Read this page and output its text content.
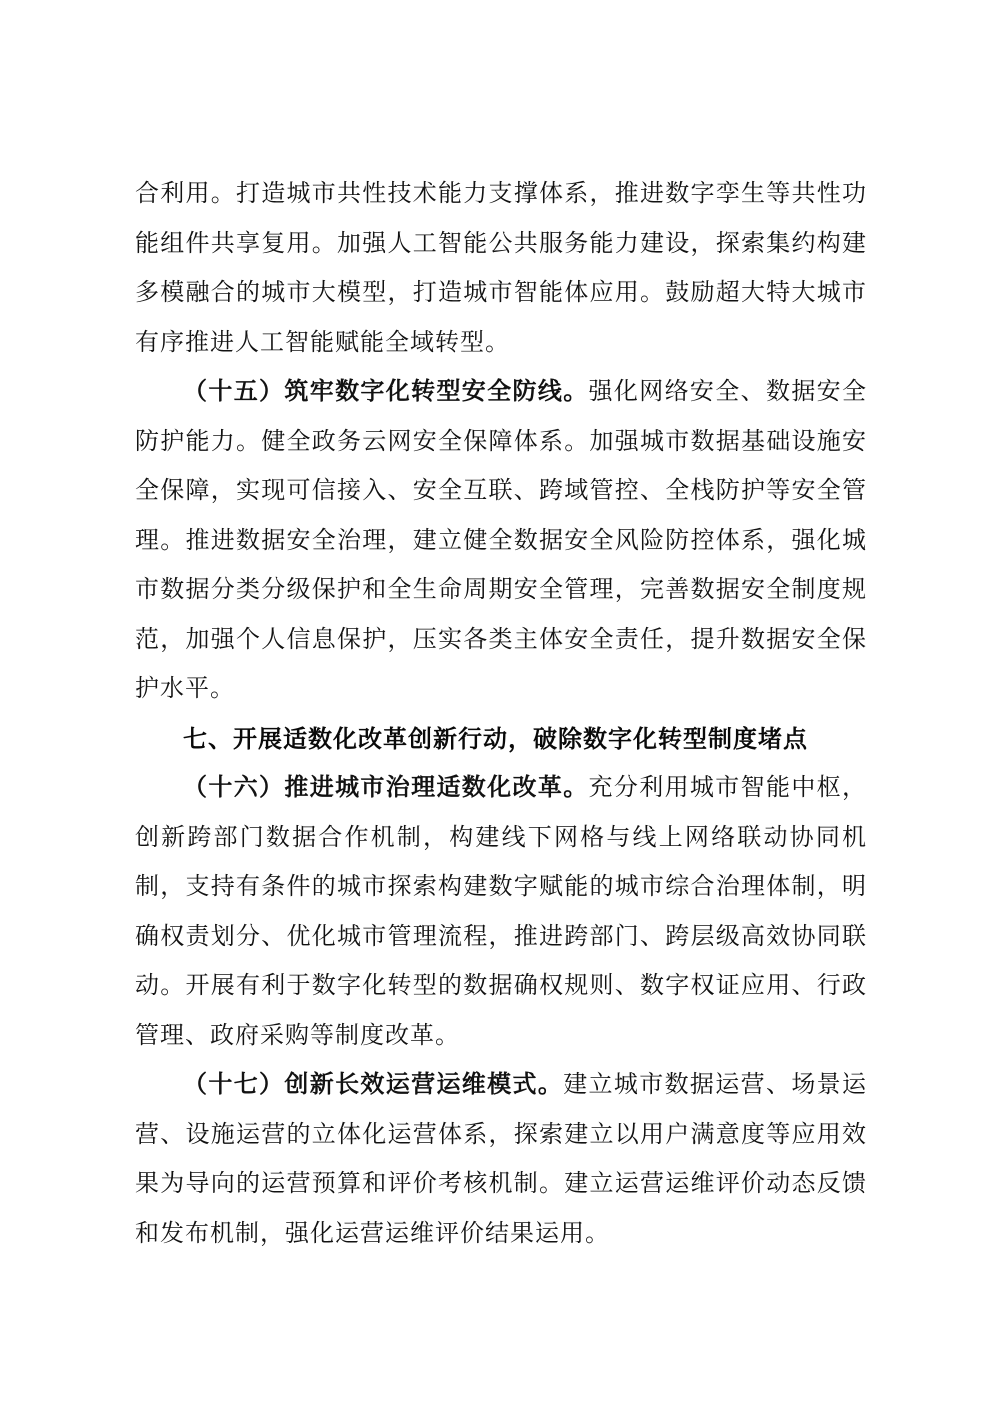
合利用。打造城市共性技术能力支撑体系，推进数字孪生等共性功能组件共享复用。加强人工智能公共服务能力建设，探索集约构建多模融合的城市大模型，打造城市智能体应用。鼓励超大特大城市有序推进人工智能赋能全域转型。

（十五）筑牢数字化转型安全防线。强化网络安全、数据安全防护能力。健全政务云网安全保障体系。加强城市数据基础设施安全保障，实现可信接入、安全互联、跨域管控、全栈防护等安全管理。推进数据安全治理，建立健全数据安全风险防控体系，强化城市数据分类分级保护和全生命周期安全管理，完善数据安全制度规范，加强个人信息保护，压实各类主体安全责任，提升数据安全保护水平。

七、开展适数化改革创新行动，破除数字化转型制度堵点

（十六）推进城市治理适数化改革。充分利用城市智能中枢，创新跨部门数据合作机制，构建线下网格与线上网络联动协同机制，支持有条件的城市探索构建数字赋能的城市综合治理体制，明确权责划分、优化城市管理流程，推进跨部门、跨层级高效协同联动。开展有利于数字化转型的数据确权规则、数字权证应用、行政管理、政府采购等制度改革。

（十七）创新长效运营运维模式。建立城市数据运营、场景运营、设施运营的立体化运营体系，探索建立以用户满意度等应用效果为导向的运营预算和评价考核机制。建立运营运维评价动态反馈和发布机制，强化运营运维评价结果运用。
